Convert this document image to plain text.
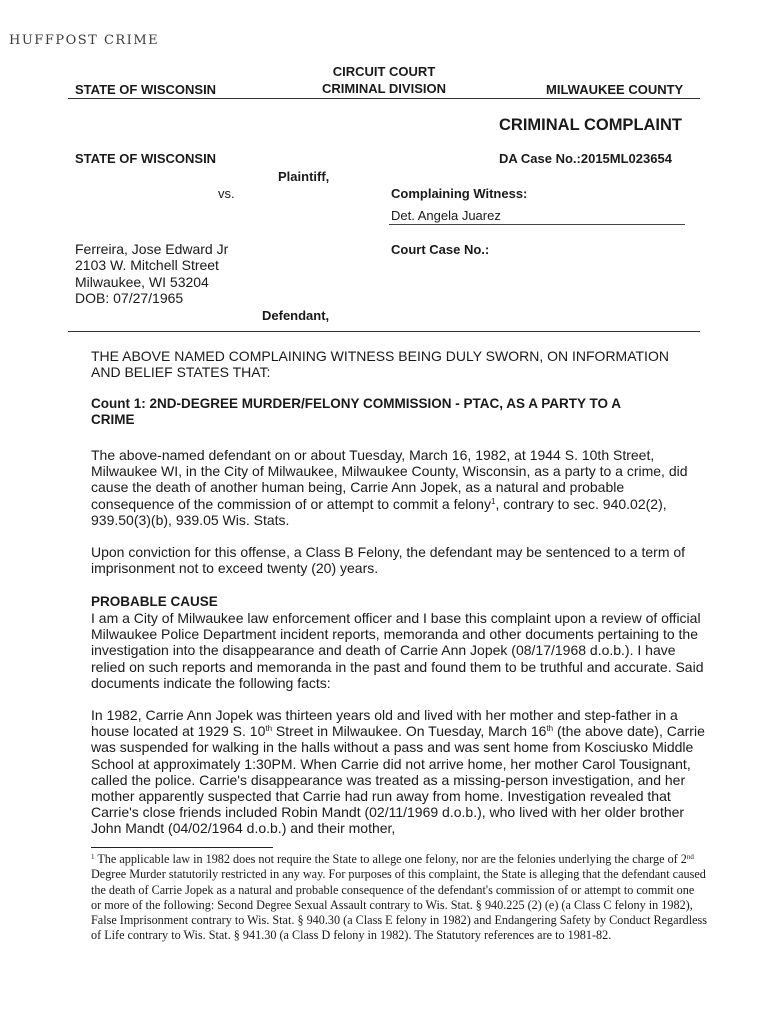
HUFFPOST CRIME
STATE OF WISCONSIN
CIRCUIT COURT
CRIMINAL DIVISION	MILWAUKEE COUNTY
CRIMINAL COMPLAINT
STATE OF WISCONSIN	DA Case No.:2015ML023654
Plaintiff,
vs.	Complaining Witness:
Det. Angela Juarez
Ferreira, Jose Edward Jr
2103 W. Mitchell Street
Milwaukee, WI 53204
DOB: 07/27/1965
Court Case No.:
Defendant,
THE ABOVE NAMED COMPLAINING WITNESS BEING DULY SWORN, ON INFORMATION
AND BELIEF STATES THAT:
Count 1: 2ND-DEGREE MURDER/FELONY COMMISSION - PTAC, AS A PARTY TO A
CRIME
The above-named defendant on or about Tuesday, March 16, 1982, at 1944 S. 10th Street, Milwaukee WI, in the City of Milwaukee, Milwaukee County, Wisconsin, as a party to a crime, did cause the death of another human being, Carrie Ann Jopek, as a natural and probable consequence of the commission of or attempt to commit a felony$^1$, contrary to sec. 940.02(2), 939.50(3)(b), 939.05 Wis. Stats.
Upon conviction for this offense, a Class B Felony, the defendant may be sentenced to a term of imprisonment not to exceed twenty (20) years.
PROBABLE CAUSE
I am a City of Milwaukee law enforcement officer and I base this complaint upon a review of official Milwaukee Police Department incident reports, memoranda and other documents pertaining to the investigation into the disappearance and death of Carrie Ann Jopek (08/17/1968 d.o.b.). I have relied on such reports and memoranda in the past and found them to be truthful and accurate. Said documents indicate the following facts:
In 1982, Carrie Ann Jopek was thirteen years old and lived with her mother and step-father in a house located at 1929 S. 10th Street in Milwaukee. On Tuesday, March 16th (the above date), Carrie was suspended for walking in the halls without a pass and was sent home from Kosciusko Middle School at approximately 1:30PM. When Carrie did not arrive home, her mother Carol Tousignant, called the police. Carrie's disappearance was treated as a missing-person investigation, and her mother apparently suspected that Carrie had run away from home. Investigation revealed that Carrie's close friends included Robin Mandt (02/11/1969 d.o.b.), who lived with her older brother John Mandt (04/02/1964 d.o.b.) and their mother,
$^1$ The applicable law in 1982 does not require the State to allege one felony, nor are the felonies underlying the charge of 2nd Degree Murder statutorily restricted in any way. For purposes of this complaint, the State is alleging that the defendant caused the death of Carrie Jopek as a natural and probable consequence of the defendant's commission of or attempt to commit one or more of the following: Second Degree Sexual Assault contrary to Wis. Stat. § 940.225 (2) (e) (a Class C felony in 1982), False Imprisonment contrary to Wis. Stat. § 940.30 (a Class E felony in 1982) and Endangering Safety by Conduct Regardless of Life contrary to Wis. Stat. § 941.30 (a Class D felony in 1982). The Statutory references are to 1981-82.
